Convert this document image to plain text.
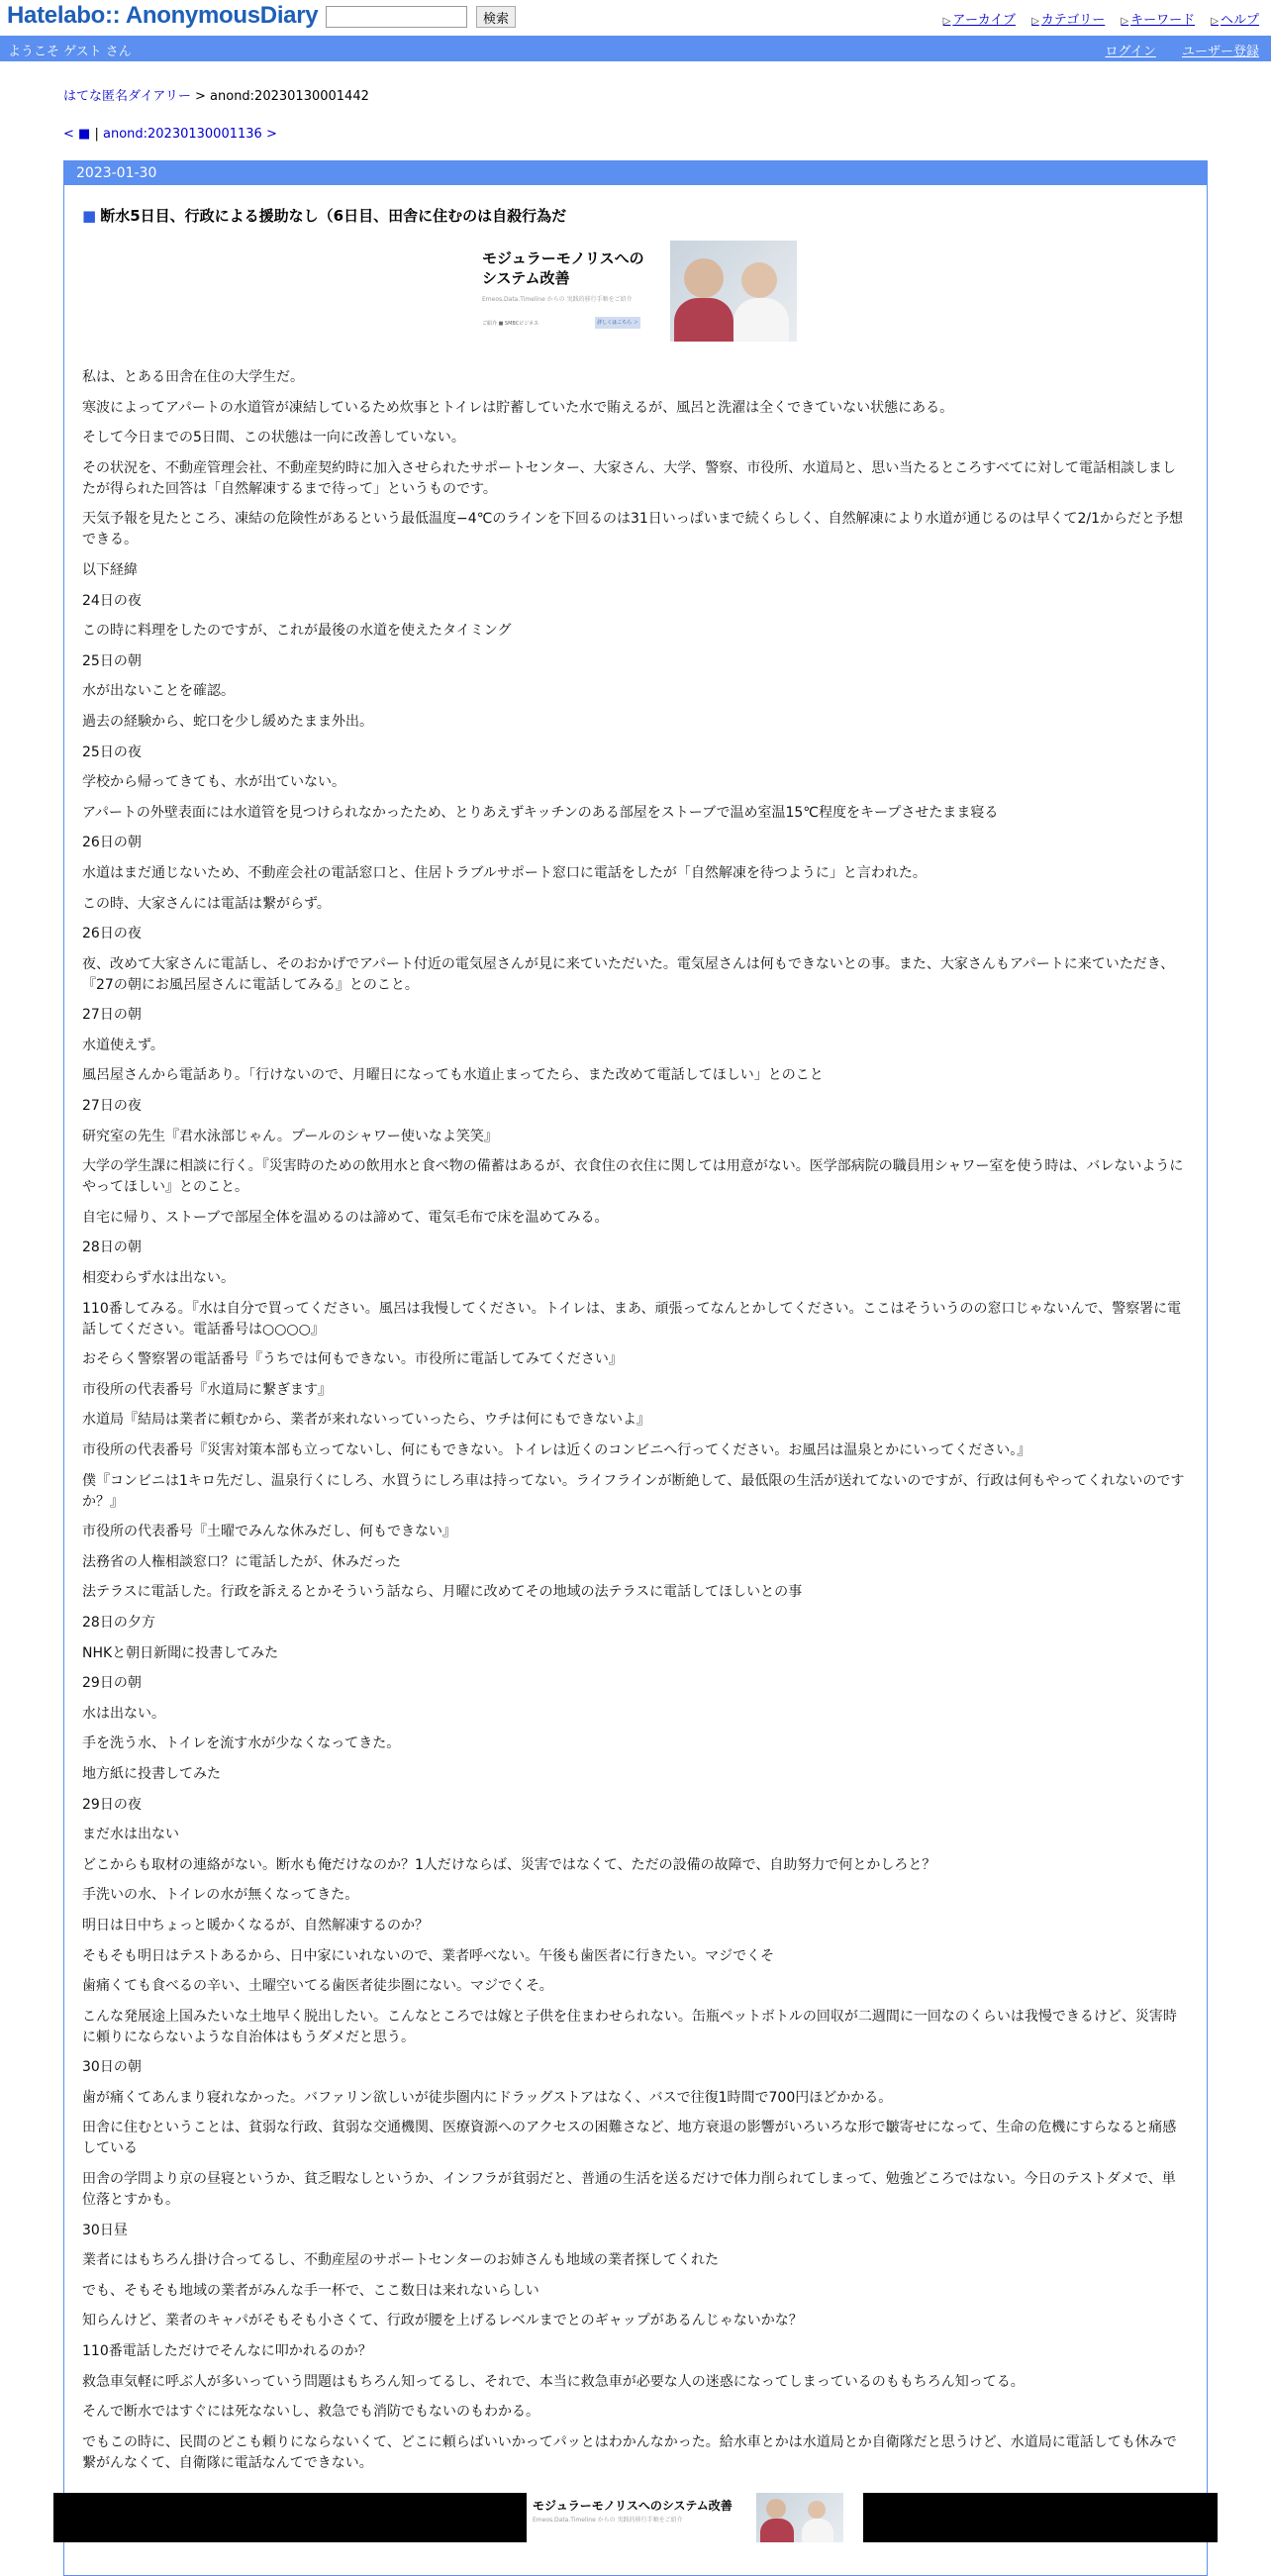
Hatelabo:: AnonymousDiary	検索	▷ アーカイブ ▷ カテゴリー ▷ キーワード ▷ ヘルプ
ようこそ ゲスト さん	ログイン ユーザー登録
はてな匿名ダイアリー > anond:20230130001442
< ■ | anond:20230130001136 >
2023-01-30
■ 断水5日目、行政による援助なし（6日目、田舎に住むのは自殺行為だ
モジュラーモノリスへの システム改善
Emeos.Data.Timeline からの 実践的移行手順をご紹介
ご紹介 ■ SMBCビジネス	詳しくはこちら ＞

私は、とある田舎在住の大学生だ。

寒波によってアパートの水道管が凍結しているため炊事とトイレは貯蓄していた水で賄えるが、風呂と洗濯は全くできていない状態にある。

そして今日までの5日間、この状態は一向に改善していない。

その状況を、不動産管理会社、不動産契約時に加入させられたサポートセンター、大家さん、大学、警察、市役所、水道局と、思い当たるところすべてに対して電話相談しましたが得られた回答は「自然解凍するまで待って」というものです。

天気予報を見たところ、凍結の危険性があるという最低温度−4℃のラインを下回るのは31日いっぱいまで続くらしく、自然解凍により水道が通じるのは早くて2/1からだと予想できる。

以下経緯

24日の夜

この時に料理をしたのですが、これが最後の水道を使えたタイミング

25日の朝

水が出ないことを確認。

過去の経験から、蛇口を少し緩めたまま外出。

25日の夜

学校から帰ってきても、水が出ていない。

アパートの外壁表面には水道管を見つけられなかったため、とりあえずキッチンのある部屋をストーブで温め室温15℃程度をキープさせたまま寝る

26日の朝

水道はまだ通じないため、不動産会社の電話窓口と、住居トラブルサポート窓口に電話をしたが「自然解凍を待つように」と言われた。

この時、大家さんには電話は繋がらず。

26日の夜

夜、改めて大家さんに電話し、そのおかげでアパート付近の電気屋さんが見に来ていただいた。電気屋さんは何もできないとの事。また、大家さんもアパートに来ていただき、『27の朝にお風呂屋さんに電話してみる』とのこと。

27日の朝

水道使えず。

風呂屋さんから電話あり。「行けないので、月曜日になっても水道止まってたら、また改めて電話してほしい」とのこと

27日の夜

研究室の先生『君水泳部じゃん。プールのシャワー使いなよ笑笑』

大学の学生課に相談に行く。『災害時のための飲用水と食べ物の備蓄はあるが、衣食住の衣住に関しては用意がない。医学部病院の職員用シャワー室を使う時は、バレないようにやってほしい』とのこと。

自宅に帰り、ストーブで部屋全体を温めるのは諦めて、電気毛布で床を温めてみる。

28日の朝

相変わらず水は出ない。

110番してみる。『水は自分で買ってください。風呂は我慢してください。トイレは、まあ、頑張ってなんとかしてください。ここはそういうのの窓口じゃないんで、警察署に電話してください。電話番号は○○○○』

おそらく警察署の電話番号『うちでは何もできない。市役所に電話してみてください』

市役所の代表番号『水道局に繋ぎます』

水道局『結局は業者に頼むから、業者が来れないっていったら、ウチは何にもできないよ』

市役所の代表番号『災害対策本部も立ってないし、何にもできない。トイレは近くのコンビニへ行ってください。お風呂は温泉とかにいってください。』

僕『コンビニは1キロ先だし、温泉行くにしろ、水買うにしろ車は持ってない。ライフラインが断絶して、最低限の生活が送れてないのですが、行政は何もやってくれないのですか？』

市役所の代表番号『土曜でみんな休みだし、何もできない』

法務省の人権相談窓口？に電話したが、休みだった

法テラスに電話した。行政を訴えるとかそういう話なら、月曜に改めてその地域の法テラスに電話してほしいとの事

28日の夕方

NHKと朝日新聞に投書してみた

29日の朝

水は出ない。

手を洗う水、トイレを流す水が少なくなってきた。

地方紙に投書してみた

29日の夜

まだ水は出ない

どこからも取材の連絡がない。断水も俺だけなのか？1人だけならば、災害ではなくて、ただの設備の故障で、自助努力で何とかしろと？

手洗いの水、トイレの水が無くなってきた。

明日は日中ちょっと暖かくなるが、自然解凍するのか？

そもそも明日はテストあるから、日中家にいれないので、業者呼べない。午後も歯医者に行きたい。マジでくそ

歯痛くても食べるの辛い、土曜空いてる歯医者徒歩圏にない。マジでくそ。

こんな発展途上国みたいな土地早く脱出したい。こんなところでは嫁と子供を住まわせられない。缶瓶ペットボトルの回収が二週間に一回なのくらいは我慢できるけど、災害時に頼りにならないような自治体はもうダメだと思う。

30日の朝

歯が痛くてあんまり寝れなかった。バファリン欲しいが徒歩圏内にドラッグストアはなく、バスで往復1時間で700円ほどかかる。

田舎に住むということは、貧弱な行政、貧弱な交通機関、医療資源へのアクセスの困難さなど、地方衰退の影響がいろいろな形で皺寄せになって、生命の危機にすらなると痛感している

田舎の学問より京の昼寝というか、貧乏暇なしというか、インフラが貧弱だと、普通の生活を送るだけで体力削られてしまって、勉強どころではない。今日のテストダメで、単位落とすかも。

30日昼

業者にはもちろん掛け合ってるし、不動産屋のサポートセンターのお姉さんも地域の業者探してくれた

でも、そもそも地域の業者がみんな手一杯で、ここ数日は来れないらしい

知らんけど、業者のキャパがそもそも小さくて、行政が腰を上げるレベルまでとのギャップがあるんじゃないかな？

110番電話しただけでそんなに叩かれるのか？

救急車気軽に呼ぶ人が多いっていう問題はもちろん知ってるし、それで、本当に救急車が必要な人の迷惑になってしまっているのももちろん知ってる。

そんで断水ではすぐには死なないし、救急でも消防でもないのもわかる。

でもこの時に、民間のどこも頼りにならないくて、どこに頼らばいいかってパッとはわかんなかった。給水車とかは水道局とか自衛隊だと思うけど、水道局に電話しても休みで繋がんなくて、自衛隊に電話なんてできない。

モジュラーモノリスへのシステム改善
Emeos.Data.Timeline からの 実践的移行手順をご紹介
